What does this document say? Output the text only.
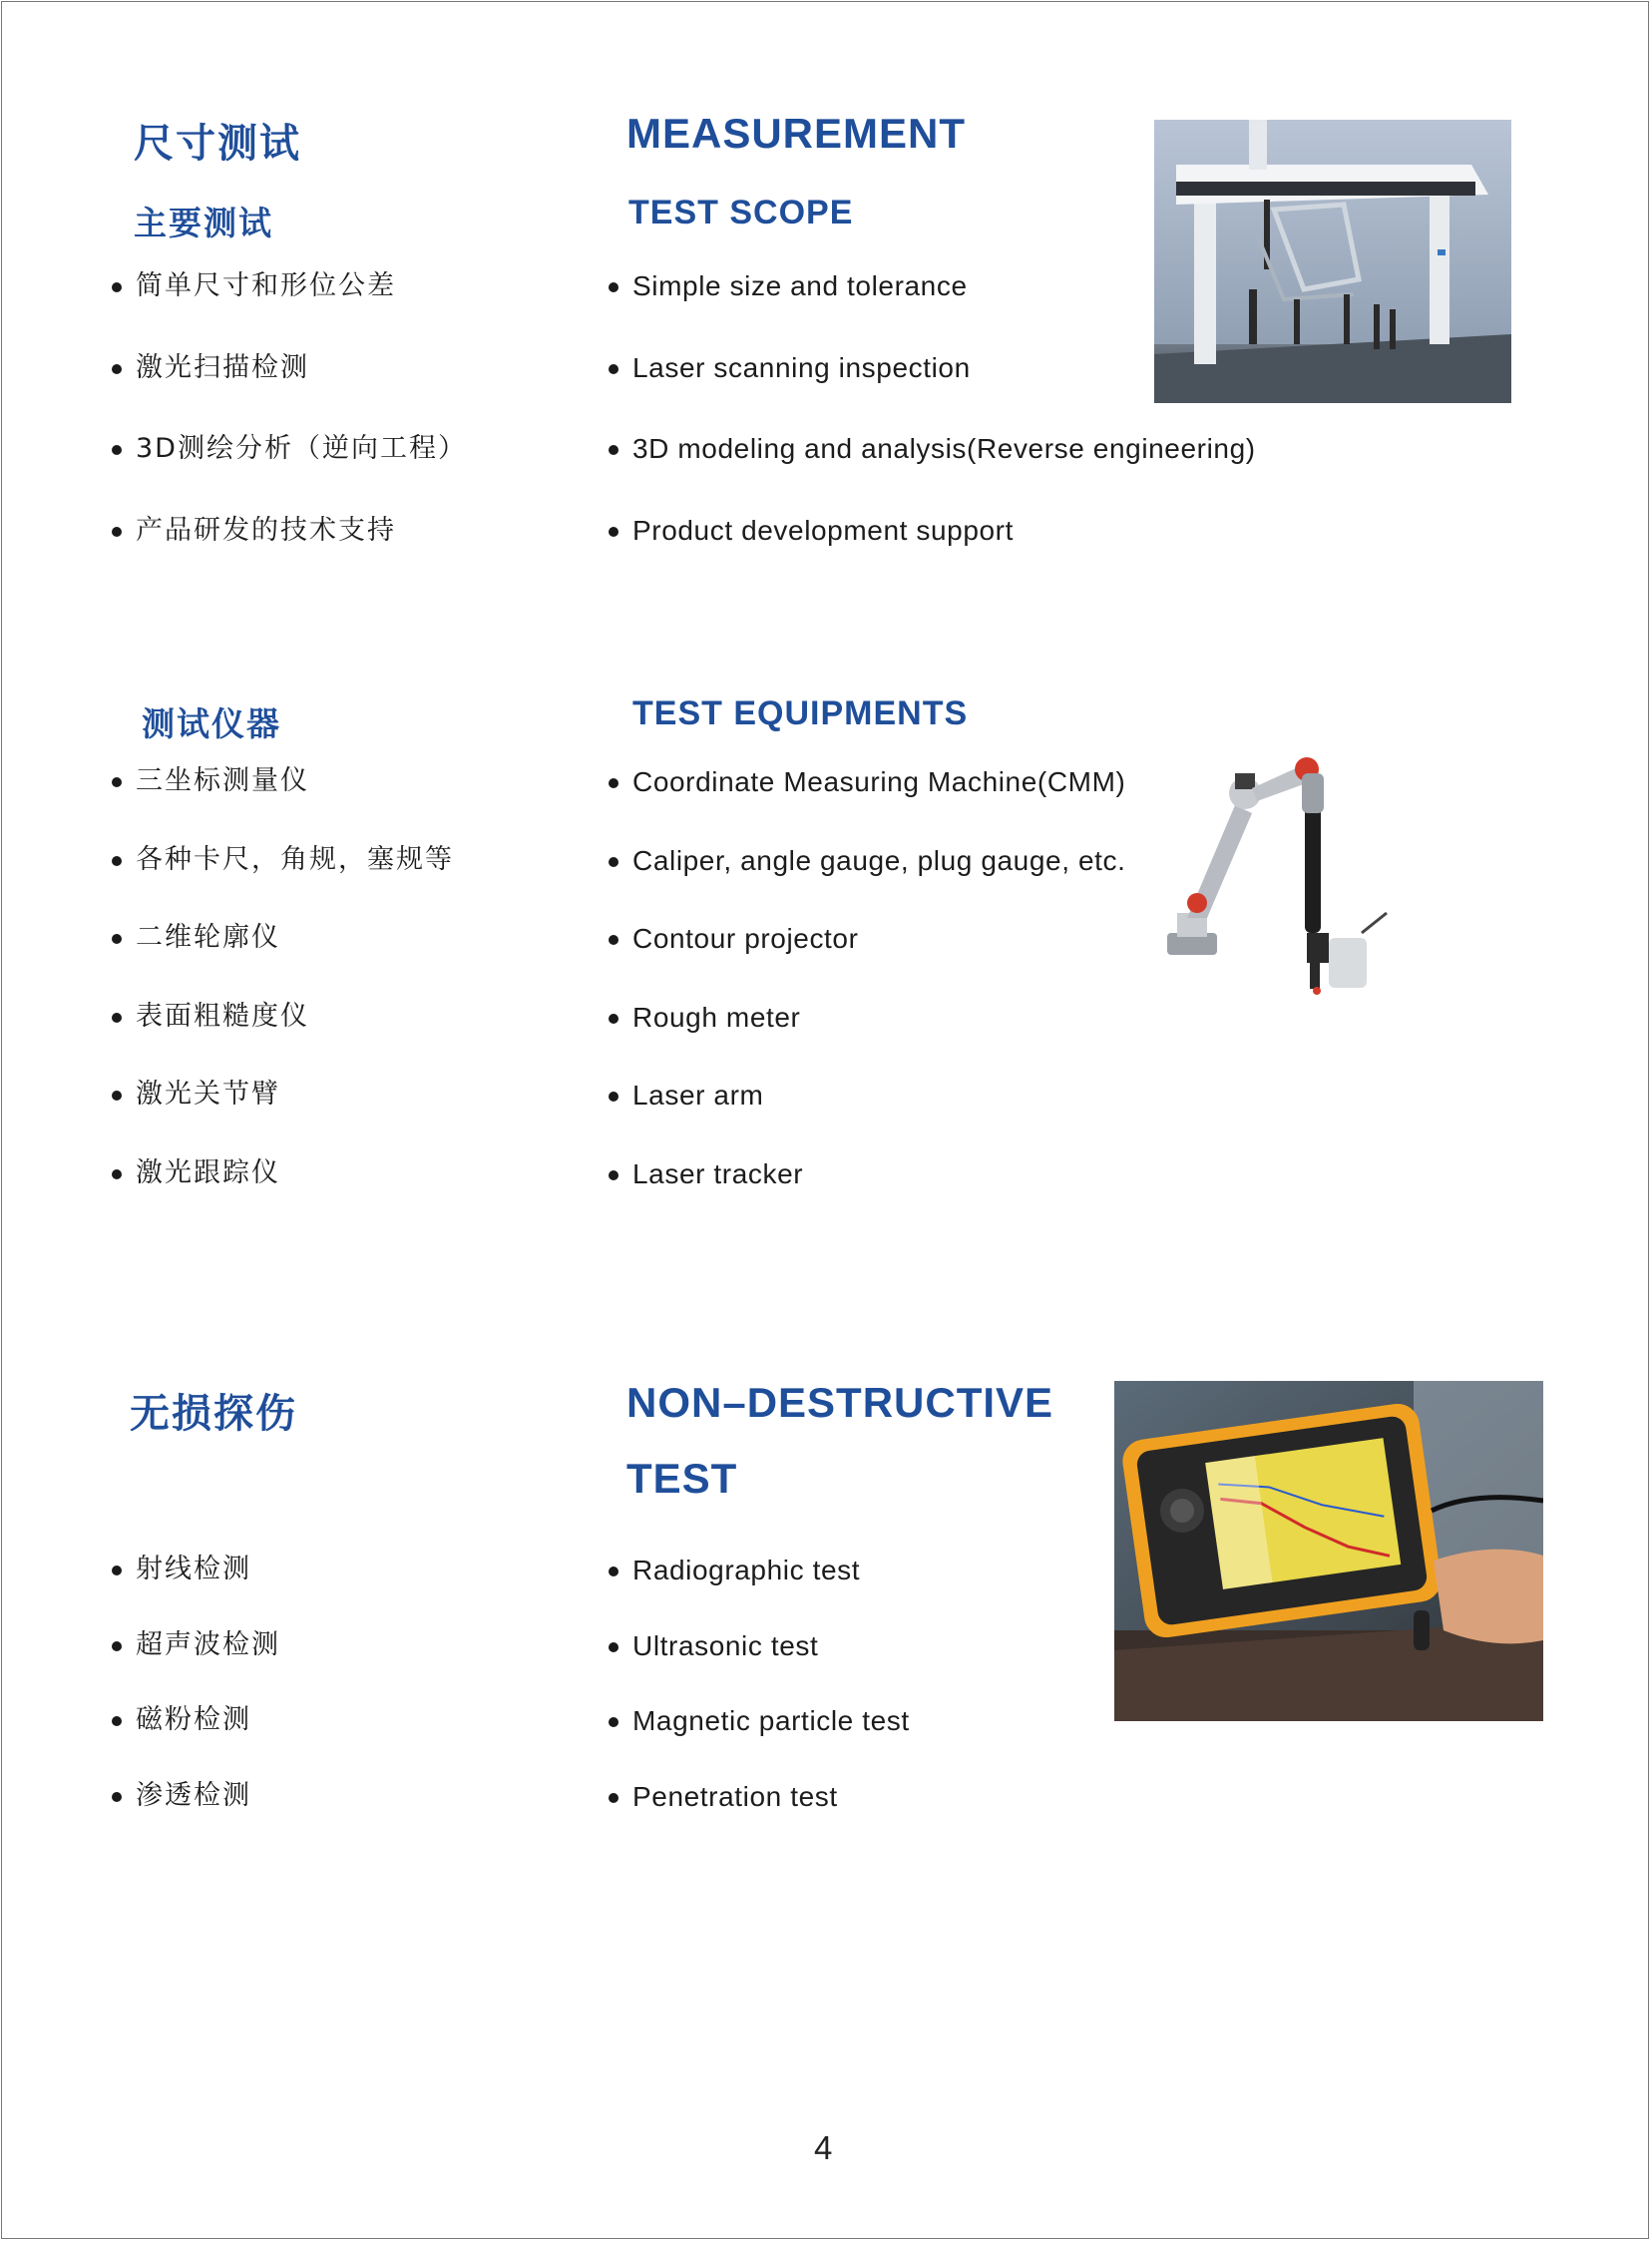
尺寸测试
主要测试
MEASUREMENT
TEST SCOPE
简单尺寸和形位公差
激光扫描检测
3D测绘分析（逆向工程）
产品研发的技术支持
Simple size and tolerance
Laser scanning inspection
3D modeling and analysis(Reverse engineering)
Product development support
测试仪器	TEST EQUIPMENTS
三坐标测量仪
各种卡尺，角规，塞规等
二维轮廓仪
表面粗糙度仪
激光关节臂
激光跟踪仪
Coordinate Measuring Machine(CMM)
Caliper, angle gauge, plug gauge, etc.
Contour projector
Rough meter
Laser arm
Laser tracker
无损探伤	NON–DESTRUCTIVE
TEST
射线检测
超声波检测
磁粉检测
渗透检测
Radiographic test
Ultrasonic test
Magnetic particle test
Penetration test
4
